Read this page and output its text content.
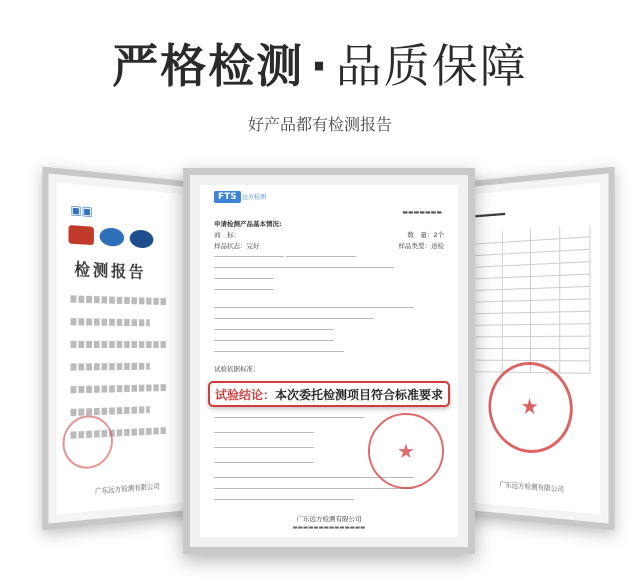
严格检测 · 品质保障
好产品都有检测报告
▣▣
检测报告
广东远方检测有限公司
▬▬▬▬▬▬▬
★
广东远方检测有限公司
FTS 远方检测
▬▬▬▬▬▬▬
申请检测产品基本情况:
商　标：	数　量：2个
样品状态：完好	样品类型：送检

试验依据标准：
试验结论： 本次委托检测项目符合标准要求
★
广东远方检测有限公司
▬▬▬▬▬▬▬▬▬▬▬▬▬▬
